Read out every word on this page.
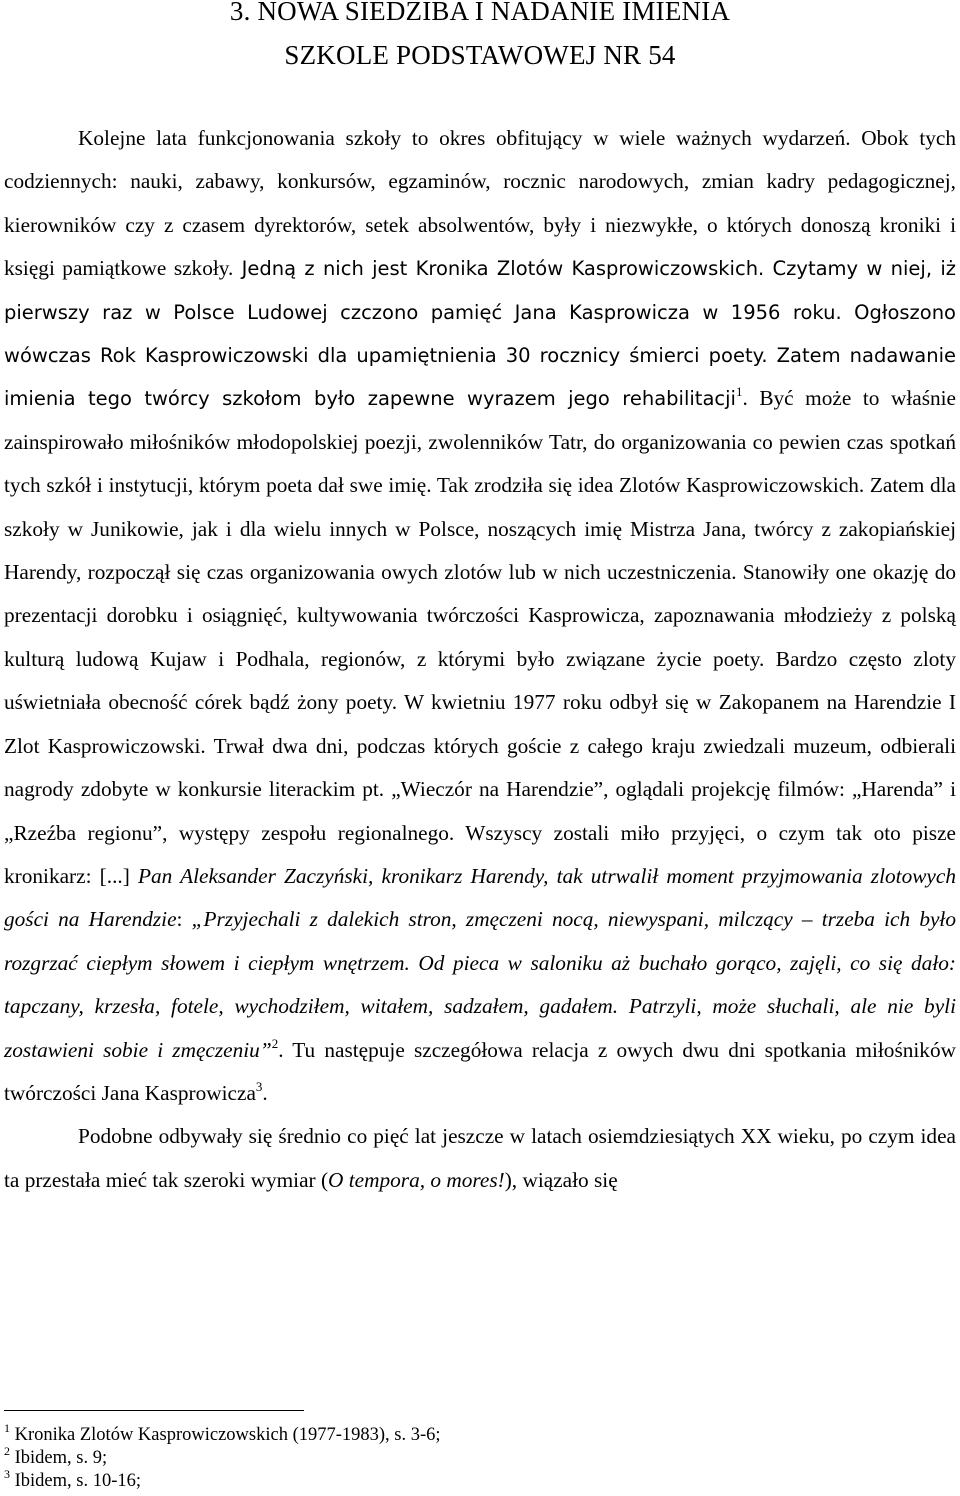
3. NOWA SIEDZIBA I NADANIE IMIENIA
SZKOLE PODSTAWOWEJ NR 54

Kolejne lata funkcjonowania szkoły to okres obfitujący w wiele ważnych wydarzeń. Obok tych codziennych: nauki, zabawy, konkursów, egzaminów, rocznic narodowych, zmian kadry pedagogicznej, kierowników czy z czasem dyrektorów, setek absolwentów, były i niezwykłe, o których donoszą kroniki i księgi pamiątkowe szkoły. Jedną z nich jest Kronika Zlotów Kasprowiczowskich. Czytamy w niej, iż pierwszy raz w Polsce Ludowej czczono pamięć Jana Kasprowicza w 1956 roku. Ogłoszono wówczas Rok Kasprowiczowski dla upamiętnienia 30 rocznicy śmierci poety. Zatem nadawanie imienia tego twórcy szkołom było zapewne wyrazem jego rehabilitacji$^1$. Być może to właśnie zainspirowało miłośników młodopolskiej poezji, zwolenników Tatr, do organizowania co pewien czas spotkań tych szkół i instytucji, którym poeta dał swe imię. Tak zrodziła się idea Zlotów Kasprowiczowskich. Zatem dla szkoły w Junikowie, jak i dla wielu innych w Polsce, noszących imię Mistrza Jana, twórcy z zakopiańskiej Harendy, rozpoczął się czas organizowania owych zlotów lub w nich uczestniczenia. Stanowiły one okazję do prezentacji dorobku i osiągnięć, kultywowania twórczości Kasprowicza, zapoznawania młodzieży z polską kulturą ludową Kujaw i Podhala, regionów, z którymi było związane życie poety. Bardzo często zloty uświetniała obecność córek bądź żony poety. W kwietniu 1977 roku odbył się w Zakopanem na Harendzie I Zlot Kasprowiczowski. Trwał dwa dni, podczas których goście z całego kraju zwiedzali muzeum, odbierali nagrody zdobyte w konkursie literackim pt. „Wieczór na Harendzie”, oglądali projekcję filmów: „Harenda” i „Rzeźba regionu”, występy zespołu regionalnego. Wszyscy zostali miło przyjęci, o czym tak oto pisze kronikarz: [...] Pan Aleksander Zaczyński, kronikarz Harendy, tak utrwalił moment przyjmowania zlotowych gości na Harendzie: „Przyjechali z dalekich stron, zmęczeni nocą, niewyspani, milczący – trzeba ich było rozgrzać ciepłym słowem i ciepłym wnętrzem. Od pieca w saloniku aż buchało gorąco, zajęli, co się dało: tapczany, krzesła, fotele, wychodziłem, witałem, sadzałem, gadałem. Patrzyli, może słuchali, ale nie byli zostawieni sobie i zmęczeniu”$^2$. Tu następuje szczegółowa relacja z owych dwu dni spotkania miłośników twórczości Jana Kasprowicza$^3$.

Podobne odbywały się średnio co pięć lat jeszcze w latach osiemdziesiątych XX wieku, po czym idea ta przestała mieć tak szeroki wymiar (O tempora, o mores!), wiązało się

$^1$ Kronika Zlotów Kasprowiczowskich (1977-1983), s. 3-6;

$^2$ Ibidem, s. 9;

$^3$ Ibidem, s. 10-16;
